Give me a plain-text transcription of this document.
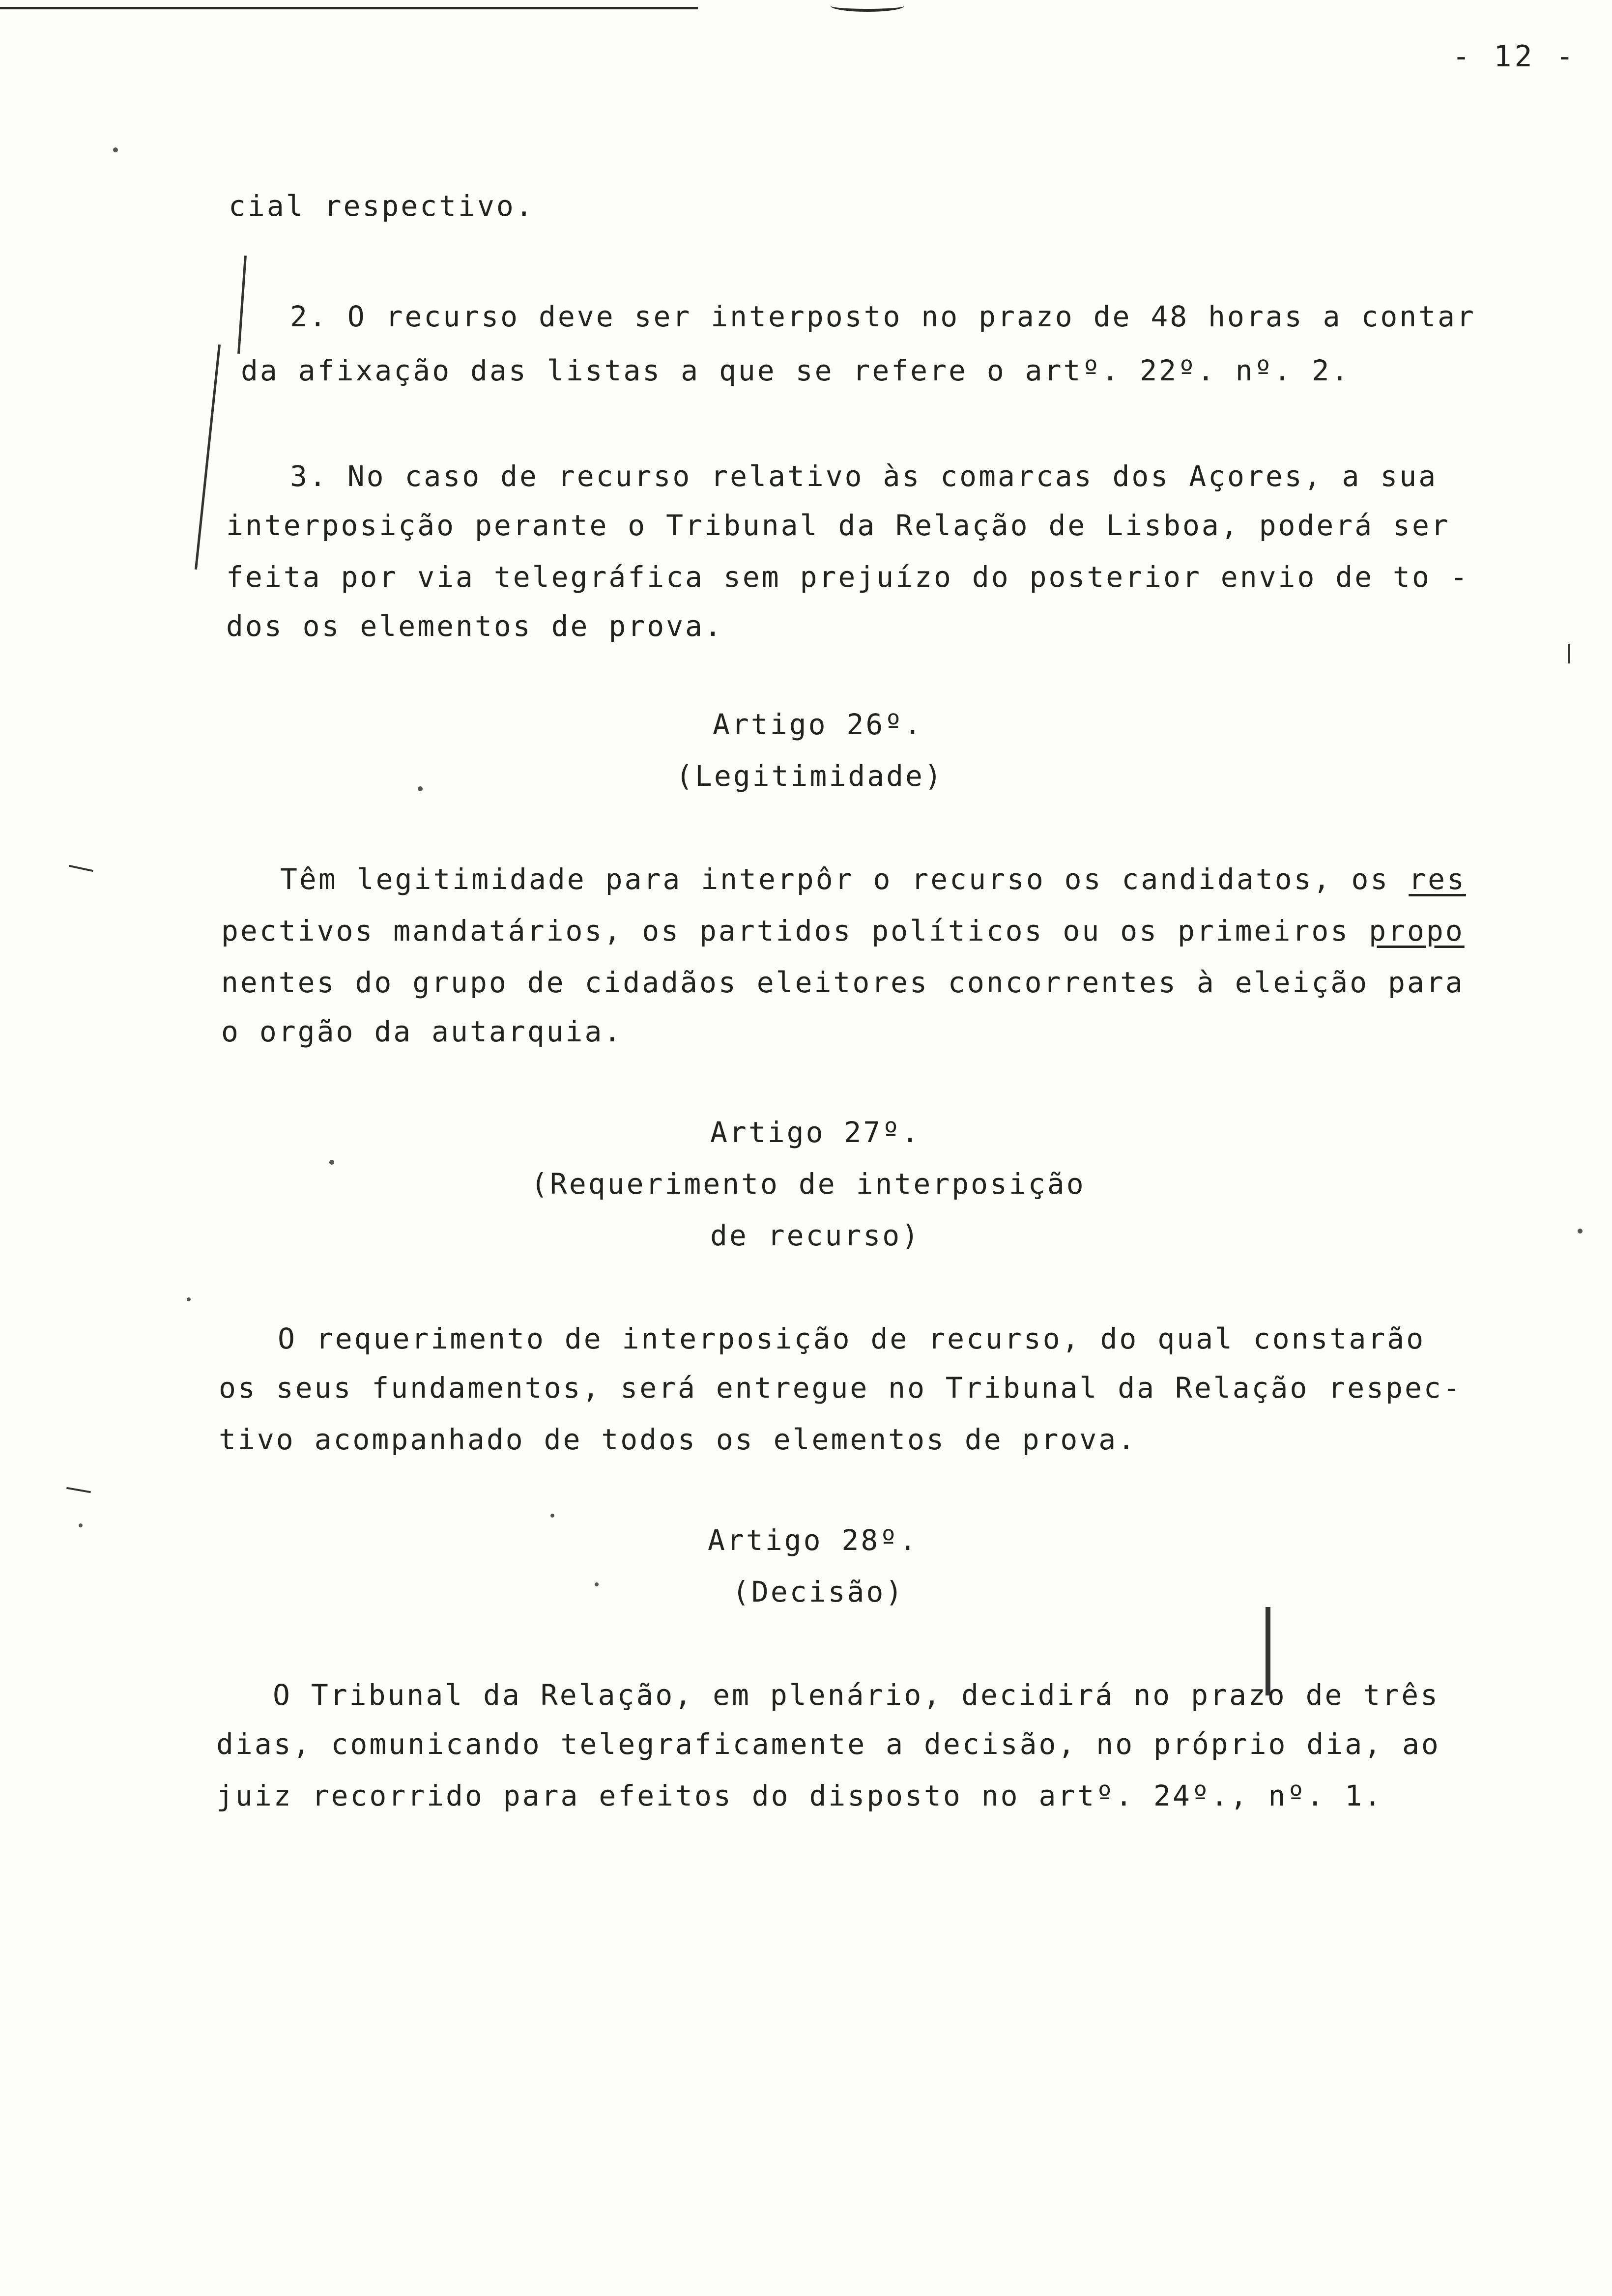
- 12 -
cial respectivo.
2. O recurso deve ser interposto no prazo de 48 horas a contar
da afixação das listas a que se refere o artº. 22º. nº. 2.
3. No caso de recurso relativo às comarcas dos Açores, a sua
interposição perante o Tribunal da Relação de Lisboa, poderá ser
feita por via telegráfica sem prejuízo do posterior envio de to -
dos os elementos de prova.
Artigo 26º.
(Legitimidade)
Têm legitimidade para interpôr o recurso os candidatos, os res
pectivos mandatários, os partidos políticos ou os primeiros propo
nentes do grupo de cidadãos eleitores concorrentes à eleição para
o orgão da autarquia.
Artigo 27º.
(Requerimento de interposição
de recurso)
O requerimento de interposição de recurso, do qual constarão
os seus fundamentos, será entregue no Tribunal da Relação respec-
tivo acompanhado de todos os elementos de prova.
Artigo 28º.
(Decisão)
O Tribunal da Relação, em plenário, decidirá no prazo de três
dias, comunicando telegraficamente a decisão, no próprio dia, ao
juiz recorrido para efeitos do disposto no artº. 24º., nº. 1.
